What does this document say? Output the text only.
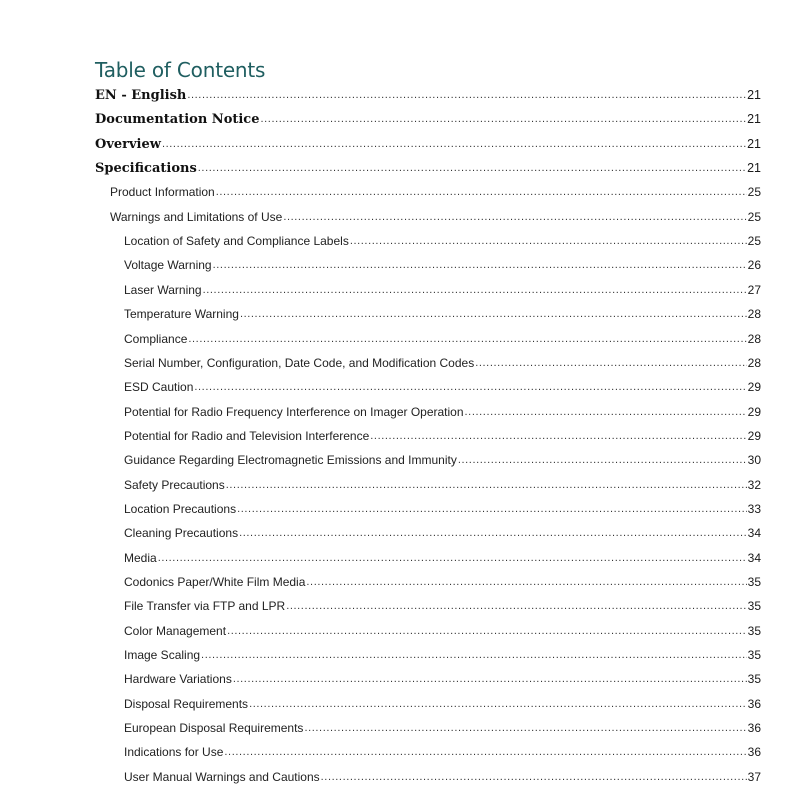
Table of Contents
EN - English .....	21
Documentation Notice .....	21
Overview .....	21
Specifications .....	21
Product Information .....	25
Warnings and Limitations of Use .....	25
Location of Safety and Compliance Labels .....	25
Voltage Warning .....	26
Laser Warning .....	27
Temperature Warning .....	28
Compliance .....	28
Serial Number, Configuration, Date Code, and Modification Codes .....	28
ESD Caution .....	29
Potential for Radio Frequency Interference on Imager Operation .....	29
Potential for Radio and Television Interference .....	29
Guidance Regarding Electromagnetic Emissions and Immunity .....	30
Safety Precautions .....	32
Location Precautions .....	33
Cleaning Precautions .....	34
Media .....	34
Codonics Paper/White Film Media .....	35
File Transfer via FTP and LPR .....	35
Color Management .....	35
Image Scaling .....	35
Hardware Variations .....	35
Disposal Requirements .....	36
European Disposal Requirements .....	36
Indications for Use .....	36
User Manual Warnings and Cautions .....	37
